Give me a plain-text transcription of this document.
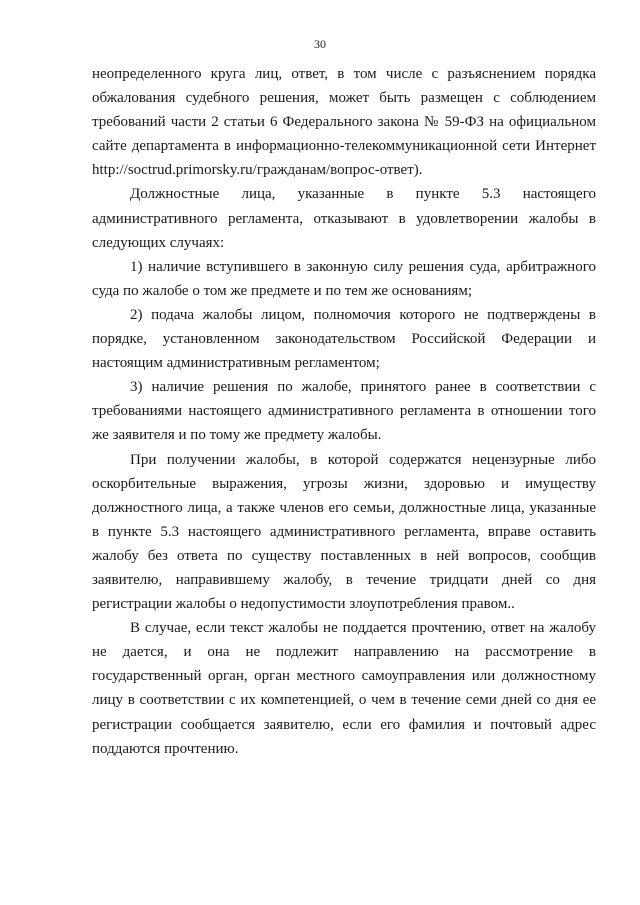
30

неопределенного круга лиц, ответ, в том числе с разъяснением порядка обжалования судебного решения, может быть размещен с соблюдением требований части 2 статьи 6 Федерального закона № 59-ФЗ на официальном сайте департамента в информационно-телекоммуникационной сети Интернет http://soctrud.primorsky.ru/гражданам/вопрос-ответ).

Должностные лица, указанные в пункте 5.3 настоящего административного регламента, отказывают в удовлетворении жалобы в следующих случаях:

1) наличие вступившего в законную силу решения суда, арбитражного суда по жалобе о том же предмете и по тем же основаниям;

2) подача жалобы лицом, полномочия которого не подтверждены в порядке, установленном законодательством Российской Федерации и настоящим административным регламентом;

3) наличие решения по жалобе, принятого ранее в соответствии с требованиями настоящего административного регламента в отношении того же заявителя и по тому же предмету жалобы.

При получении жалобы, в которой содержатся нецензурные либо оскорбительные выражения, угрозы жизни, здоровью и имуществу должностного лица, а также членов его семьи, должностные лица, указанные в пункте 5.3 настоящего административного регламента, вправе оставить жалобу без ответа по существу поставленных в ней вопросов, сообщив заявителю, направившему жалобу, в течение тридцати дней со дня регистрации жалобы о недопустимости злоупотребления правом..

В случае, если текст жалобы не поддается прочтению, ответ на жалобу не дается, и она не подлежит направлению на рассмотрение в государственный орган, орган местного самоуправления или должностному лицу в соответствии с их компетенцией, о чем в течение семи дней со дня ее регистрации сообщается заявителю, если его фамилия и почтовый адрес поддаются прочтению.
